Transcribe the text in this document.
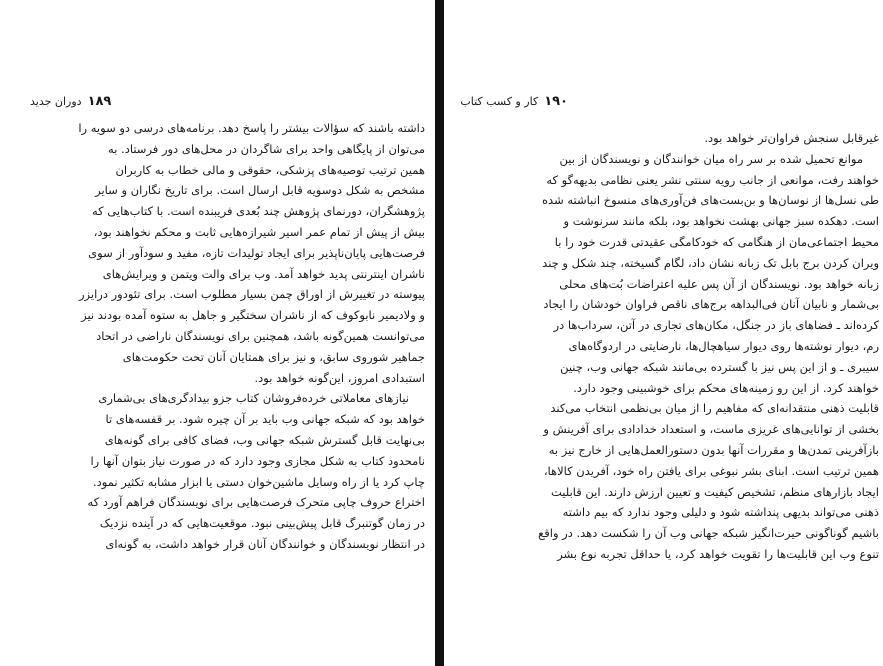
۱۸۹
دوران جدید
داشته باشند که سؤالات بیشتر را پاسخ دهد. برنامه‌های درسی دو سویه را
می‌توان از پایگاهی واحد برای شاگردان در محل‌های دور فرستاد. به
همین ترتیب توصیه‌های پزشکی، حقوقی و مالی خطاب به کاربران
مشخص به شکل دوسویه قابل ارسال است. برای تاریخ نگاران و سایر
پژوهشگران، دورنمای پژوهش چند بُعدی فریبنده است. با کتاب‌هایی که
بیش از پیش از تمام عمر اسیر شیرازه‌هایی ثابت و محکم نخواهند بود،
فرصت‌هایی پایان‌ناپذیر برای ایجاد تولیدات تازه، مفید و سودآور از سوی
ناشران اینترنتی پدید خواهد آمد. وب برای والت ویتمن و ویرایش‌های
پیوسته در تغییرش از اوراق چمن بسیار مطلوب است. برای تئودور درایزر
و ولادیمیر نابوکوف که از ناشران سختگیر و جاهل به ستوه آمده بودند نیز
می‌توانست همین‌گونه باشد، همچنین برای نویسندگان ناراضی در اتحاد
جماهیر شوروی سابق، و نیز برای همتایان آنان تحت حکومت‌های
استبدادی امروز، این‌گونه خواهد بود.
نیازهای معاملاتی خرده‌فروشان کتاب جزو بیدادگری‌های بی‌شماری
خواهد بود که شبکه جهانی وب باید بر آن چیره شود. بر قفسه‌های تا
بی‌نهایت قابل گسترش شبکه جهانی وب، فضای کافی برای گونه‌های
نامحدود کتاب به شکل مجازی وجود دارد که در صورت نیاز بتوان آنها را
چاپ کرد یا از راه وسایل ماشین‌خوان دستی یا ابزار مشابه تکثیر نمود.
اختراع حروف چاپی متحرک فرصت‌هایی برای نویسندگان فراهم آورد که
در زمان گوتنبرگ قابل پیش‌بینی نبود. موقعیت‌هایی که در آینده نزدیک
در انتظار نویسندگان و خوانندگان آنان قرار خواهد داشت، به گونه‌ای
۱۹۰
کار و کسب کتاب
غیرقابل سنجش فراوان‌تر خواهد بود.
موانع تحمیل شده بر سر راه میان خوانندگان و نویسندگان از بین
خواهند رفت، موانعی از جانب رویه سنتی نشر یعنی نظامی بدیهه‌گو که
طی نسل‌ها از نوسان‌ها و بن‌بست‌های فن‌آوری‌های منسوخ انباشته شده
است. دهکده سبز جهانی بهشت نخواهد بود، بلکه مانند سرنوشت و
محیط اجتماعی‌مان از هنگامی که خودکامگی عقیدتی قدرت خود را با
ویران کردن برج بابل تک زبانه نشان داد، لگام گسیخته، چند شکل و چند
زبانه خواهد بود. نویسندگان از آن پس علیه اعتراضات بُت‌های محلی
بی‌شمار و نابیان آنان فی‌البداهه برج‌های ناقص فراوان خودشان را ایجاد
کرده‌اند ـ فضاهای باز در جنگل، مکان‌های تجاری در آتن، سرداب‌ها در
رم، دیوار نوشته‌ها روی دیوار سیاهچال‌ها، نارضایتی در اردوگاه‌های
سیبری ـ و از این پس نیز با گسترده بی‌مانند شبکه جهانی وب، چنین
خواهند کرد. از این رو زمینه‌های محکم برای خوشبینی وجود دارد.
قابلیت ذهنی منتقدانه‌ای که مفاهیم را از میان بی‌نظمی انتخاب می‌کند
بخشی از توانایی‌های غریزی ماست، و استعداد خدادادی برای آفرینش و
بازآفرینی تمدن‌ها و مقررات آنها بدون دستورالعمل‌هایی از خارج نیز به
همین ترتیب است. ابنای بشر نبوغی برای یافتن راه خود، آفریدن کالاها،
ایجاد بازارهای منظم، تشخیص کیفیت و تعیین ارزش دارند. این قابلیت
ذهنی می‌تواند بدیهی پنداشته شود و دلیلی وجود ندارد که بیم داشته
باشیم گوناگونی حیرت‌انگیز شبکه جهانی وب آن را شکست دهد. در واقع
تنوع وب این قابلیت‌ها را تقویت خواهد کرد، یا حداقل تجربه نوع بشر
